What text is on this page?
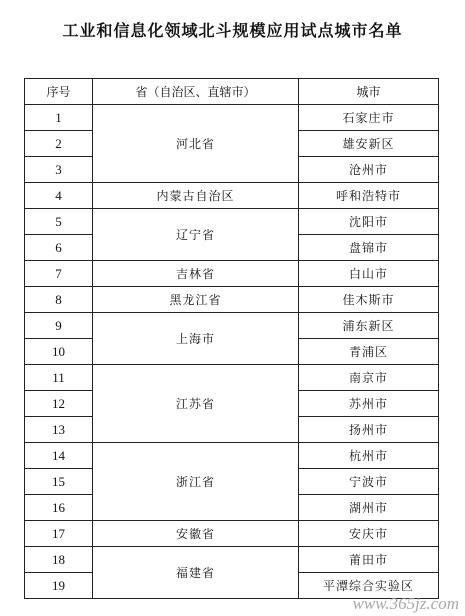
工业和信息化领域北斗规模应用试点城市名单
序号	省（自治区、直辖市）	城市
1	河北省	石家庄市
2		雄安新区
3		沧州市
4	内蒙古自治区	呼和浩特市
5	辽宁省	沈阳市
6		盘锦市
7	吉林省	白山市
8	黑龙江省	佳木斯市
9	上海市	浦东新区
10		青浦区
11	江苏省	南京市
12		苏州市
13		扬州市
14	浙江省	杭州市
15		宁波市
16		湖州市
17	安徽省	安庆市
18	福建省	莆田市
19		平潭综合实验区
www.365jz.com
